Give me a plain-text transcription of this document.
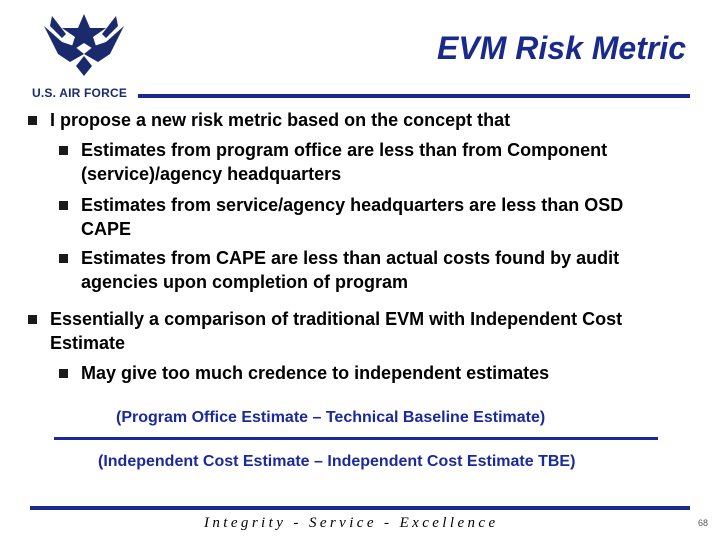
U.S. AIR FORCE
EVM Risk Metric
I propose a new risk metric based on the concept that
Estimates from program office are less than from Component
(service)/agency headquarters
Estimates from service/agency headquarters are less than OSD
CAPE
Estimates from CAPE are less than actual costs found by audit
agencies upon completion of program
Essentially a comparison of traditional EVM with Independent Cost
Estimate
May give too much credence to independent estimates
(Program Office Estimate – Technical Baseline Estimate)
(Independent Cost Estimate – Independent Cost Estimate TBE)
Integrity - Service - Excellence	68
